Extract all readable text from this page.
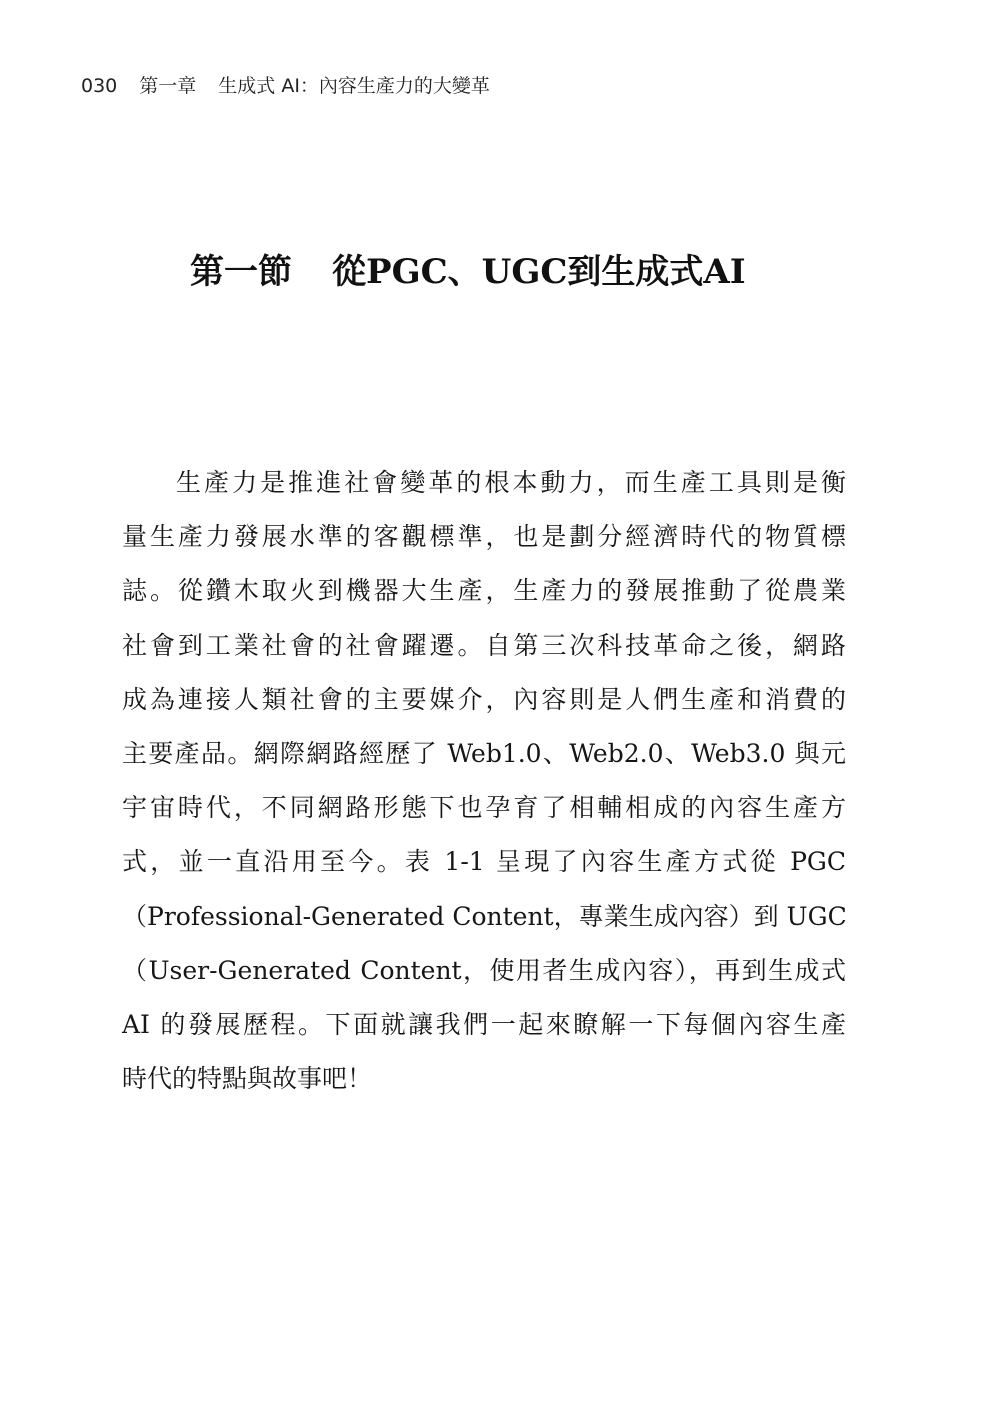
030 第一章 生成式 AI：內容生產力的大變革
第一節 從PGC、UGC到生成式AI
生產力是推進社會變革的根本動力，而生產工具則是衡
量生產力發展水準的客觀標準，也是劃分經濟時代的物質標
誌。從鑽木取火到機器大生產，生產力的發展推動了從農業
社會到工業社會的社會躍遷。自第三次科技革命之後，網路
成為連接人類社會的主要媒介，內容則是人們生產和消費的
主要產品。網際網路經歷了 Web1.0、Web2.0、Web3.0 與元
宇宙時代，不同網路形態下也孕育了相輔相成的內容生產方
式，並一直沿用至今。表 1-1 呈現了內容生產方式從 PGC
（Professional-Generated Content，專業生成內容）到 UGC
（User-Generated Content，使用者生成內容），再到生成式
AI 的發展歷程。下面就讓我們一起來瞭解一下每個內容生產
時代的特點與故事吧！
